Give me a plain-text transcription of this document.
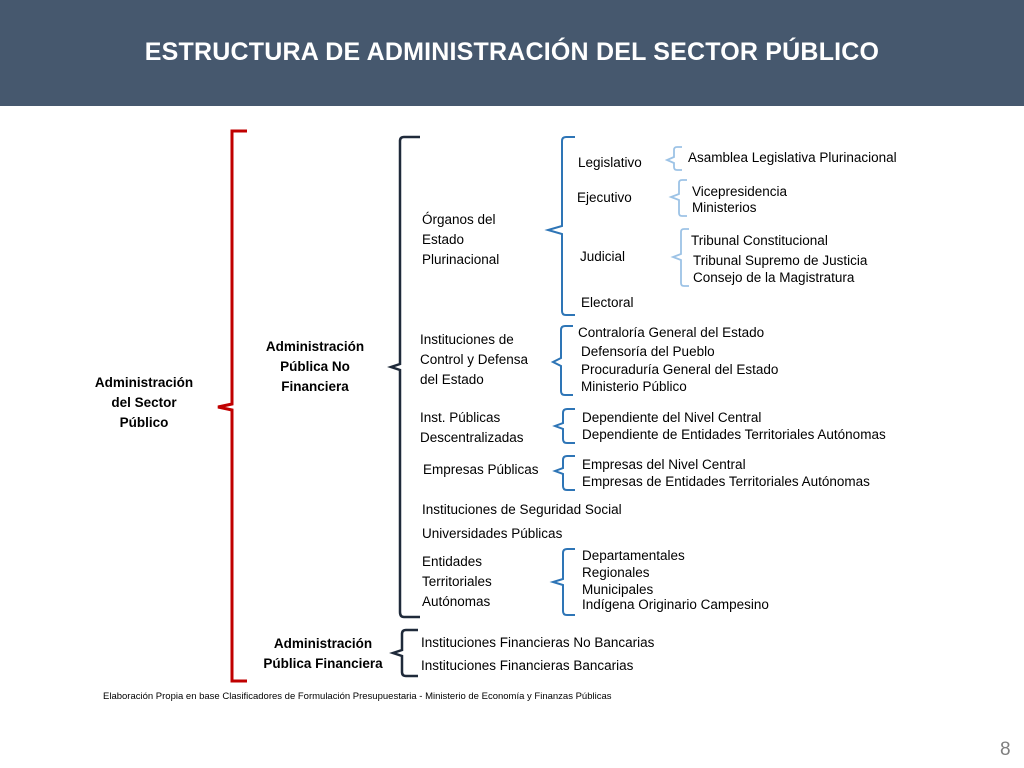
ESTRUCTURA DE ADMINISTRACIÓN DEL SECTOR PÚBLICO
Administración
del Sector
Público
Administración
Pública No
Financiera
Administración
Pública Financiera
Órganos del
Estado
Plurinacional
Instituciones de
Control y Defensa
del Estado
Inst. Públicas
Descentralizadas
Empresas Públicas
Instituciones de Seguridad Social
Universidades Públicas
Entidades
Territoriales
Autónomas
Instituciones Financieras No Bancarias
Instituciones Financieras Bancarias
Legislativo
Ejecutivo
Judicial
Electoral
Asamblea Legislativa Plurinacional
Vicepresidencia
Ministerios
Tribunal Constitucional
Tribunal Supremo de Justicia
Consejo de la Magistratura
Contraloría General del Estado
Defensoría del Pueblo
Procuraduría General del Estado
Ministerio Público
Dependiente del Nivel Central
Dependiente de Entidades Territoriales Autónomas
Empresas del Nivel Central
Empresas de Entidades Territoriales Autónomas
Departamentales
Regionales
Municipales
Indígena Originario Campesino
Elaboración Propia en base Clasificadores de Formulación Presupuestaria - Ministerio de Economía y Finanzas Públicas
8
